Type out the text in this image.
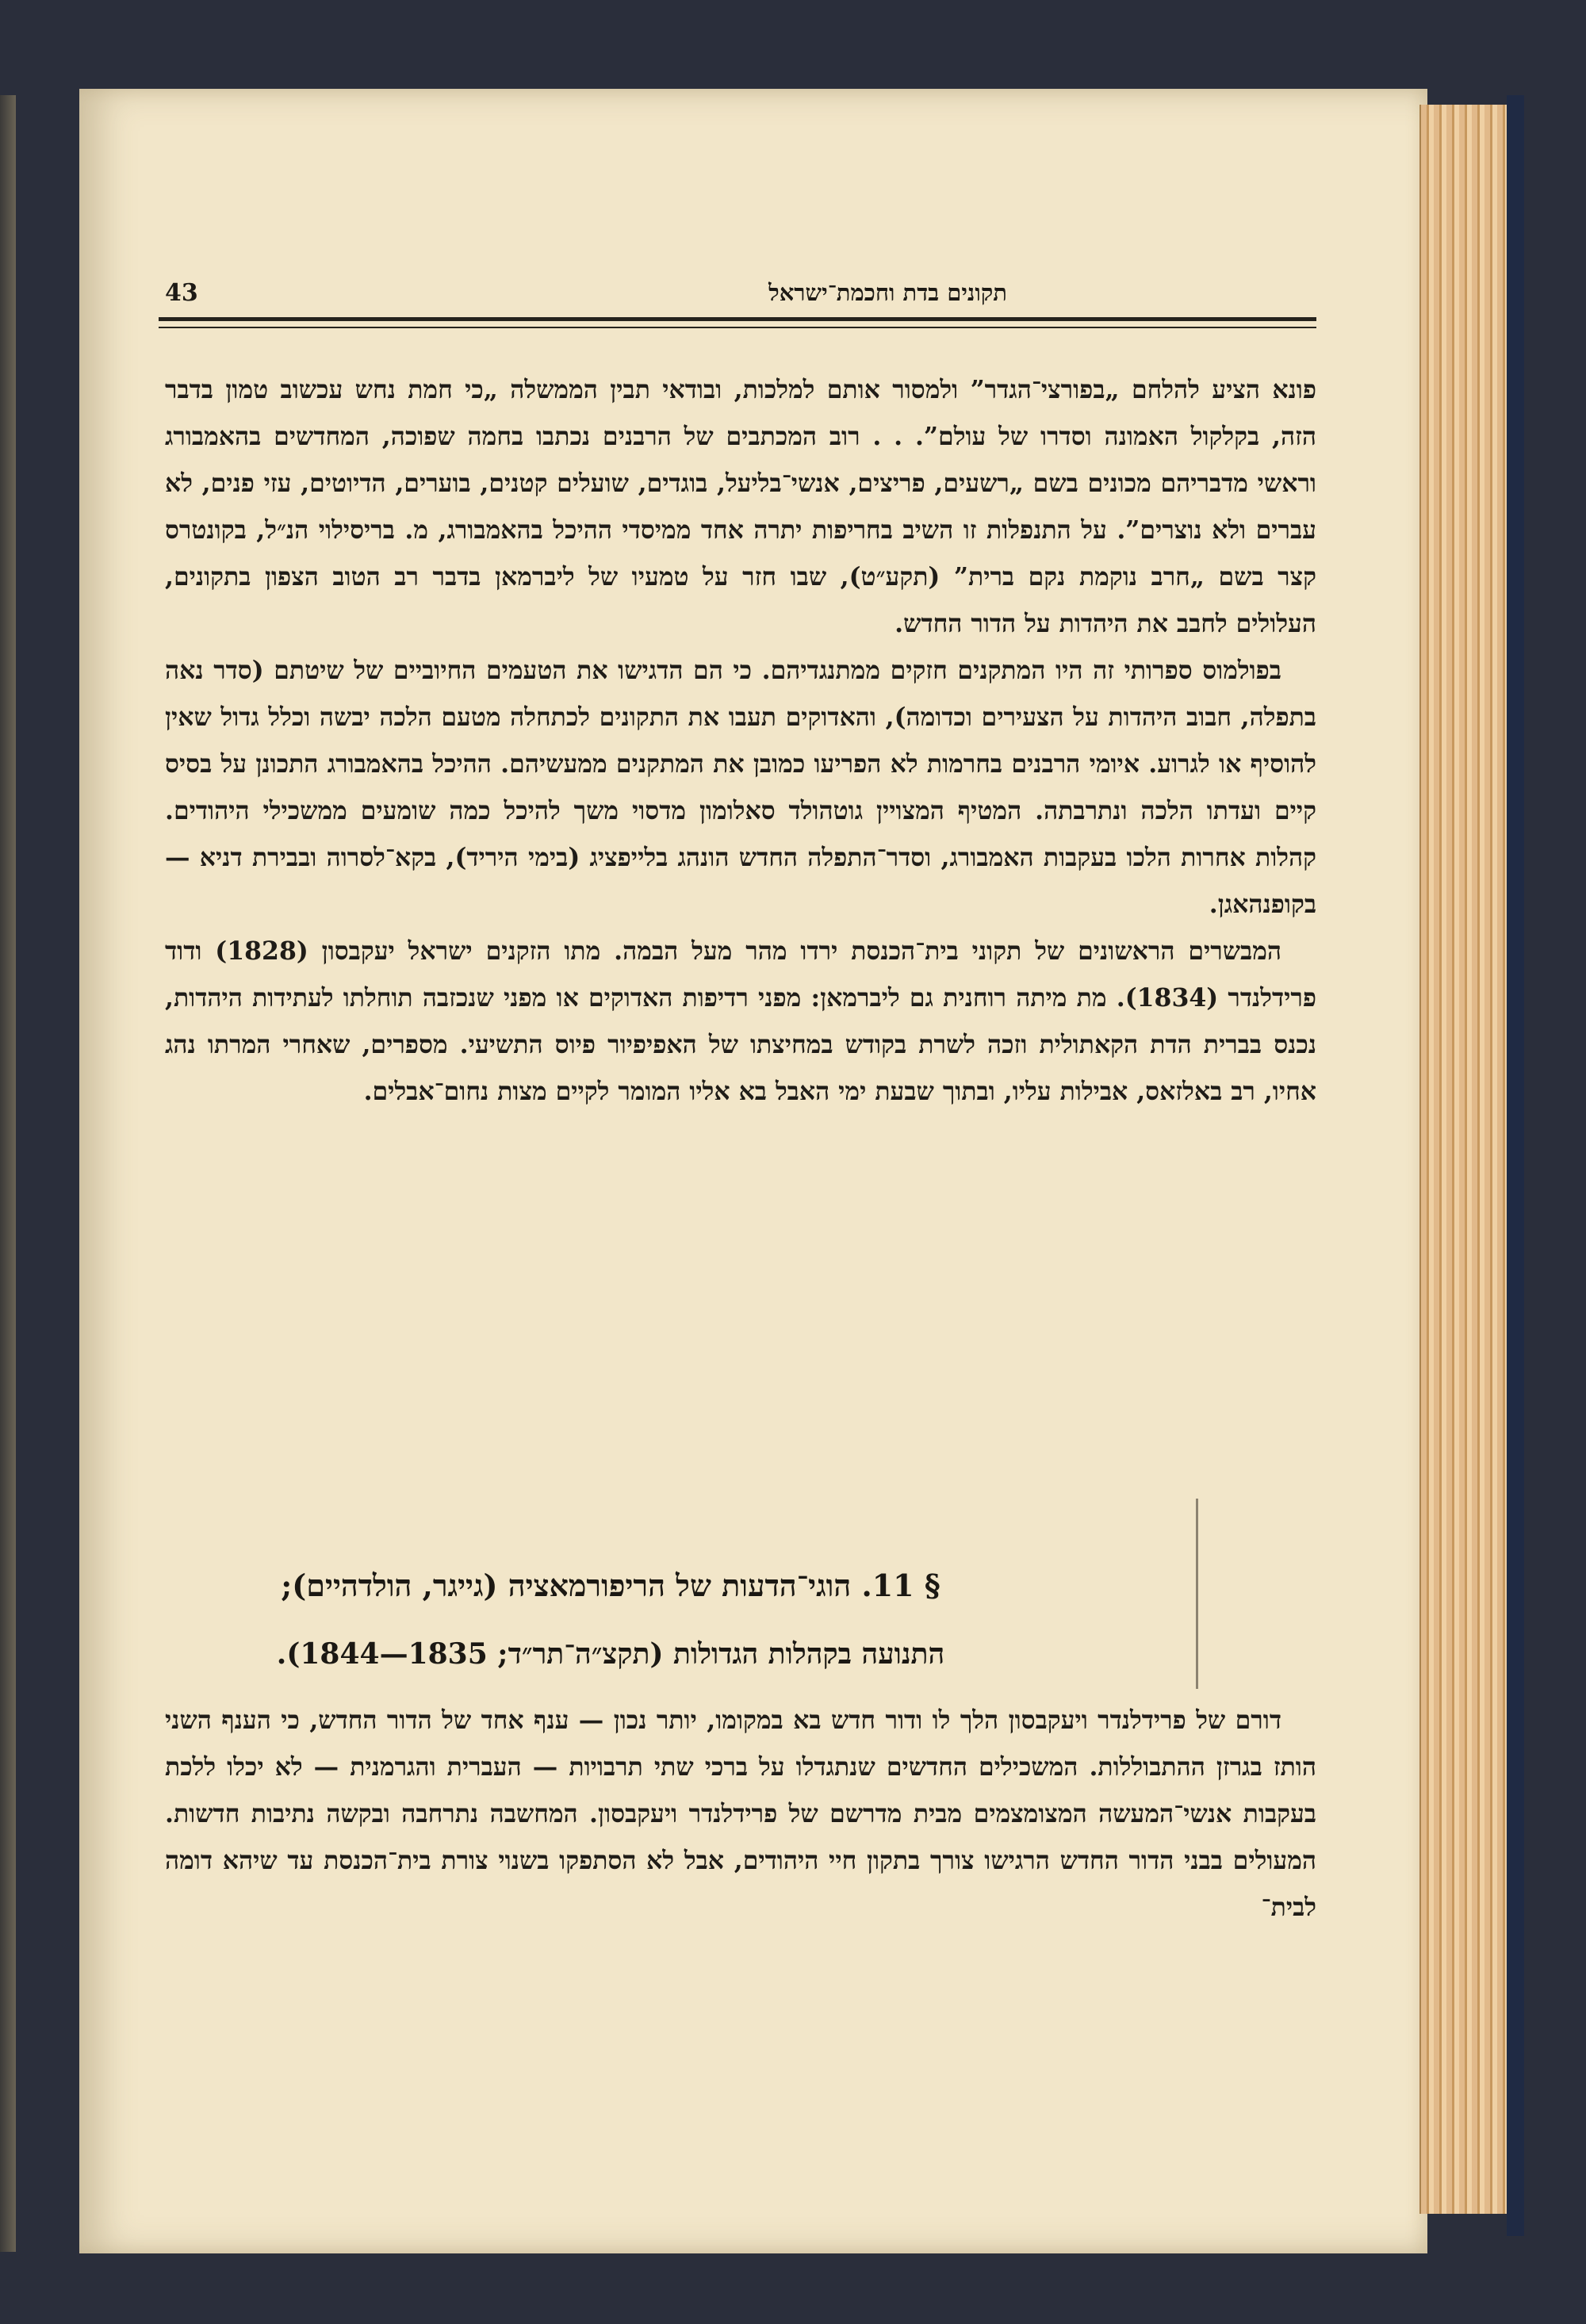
תקונים בדת וחכמת־ישראל
43

פונא הציע להלחם „בפורצי־הגדר” ולמסור אותם למלכות, ובודאי תבין הממשלה „כי חמת נחש עכשוב טמון בדבר הזה, בקלקול האמונה וסדרו של עולם”. . . רוב המכתבים של הרבנים נכתבו בחמה שפוכה, המחדשים בהאמבורג וראשי מדבריהם מכונים בשם „רשעים, פריצים, אנשי־בליעל, בוגדים, שועלים קטנים, בוערים, הדיוטים, עזי פנים, לא עברים ולא נוצרים”. על התנפלות זו השיב בחריפות יתרה אחד ממיסדי ההיכל בהאמבורג, מ. בריסילוי הנ״ל, בקונטרס קצר בשם „חרב נוקמת נקם ברית” (תקע״ט), שבו חזר על טמעיו של ליברמאן בדבר רב הטוב הצפון בתקונים, העלולים לחבב את היהדות על הדור החדש.

בפולמוס ספרותי זה היו המתקנים חזקים ממתנגדיהם. כי הם הדגישו את הטעמים החיוביים של שיטתם (סדר נאה בתפלה, חבוב היהדות על הצעירים וכדומה), והאדוקים תעבו את התקונים לכתחלה מטעם הלכה יבשה וכלל גדול שאין להוסיף או לגרוע. איומי הרבנים בחרמות לא הפריעו כמובן את המתקנים ממעשיהם. ההיכל בהאמבורג התכונן על בסיס קיים ועדתו הלכה ונתרבתה. המטיף המצויין גוטהולד סאלומון מדסוי משך להיכל כמה שומעים ממשכילי היהודים. קהלות אחרות הלכו בעקבות האמבורג, וסדר־התפלה החדש הונהג בלייפציג (בימי היריד), בקא־לסרוה ובבירת דניא — בקופנהאגן.

המבשרים הראשונים של תקוני בית־הכנסת ירדו מהר מעל הבמה. מתו הזקנים ישראל יעקבסון (1828) ודוד פרידלנדר (1834). מת מיתה רוחנית גם ליברמאן: מפני רדיפות האדוקים או מפני שנכזבה תוחלתו לעתידות היהדות, נכנס בברית הדת הקאתולית וזכה לשרת בקודש במחיצתו של האפיפיור פיוס התשיעי. מספרים, שאחרי המרתו נהג אחיו, רב באלזאס, אבילות עליו, ובתוך שבעת ימי האבל בא אליו המומר לקיים מצות נחום־אבלים.

§ 11. הוגי־הדעות של הריפורמאציה (גייגר, הולדהיים);
התנועה בקהלות הגדולות (תקצ״ה־תר״ד; 1835—1844).

דורם של פרידלנדר ויעקבסון הלך לו ודור חדש בא במקומו, יותר נכון — ענף אחד של הדור החדש, כי הענף השני הותז בגרזן ההתבוללות. המשכילים החדשים שנתגדלו על ברכי שתי תרבויות — העברית והגרמנית — לא יכלו ללכת בעקבות אנשי־המעשה המצומצמים מבית מדרשם של פרידלנדר ויעקבסון. המחשבה נתרחבה ובקשה נתיבות חדשות. המעולים בבני הדור החדש הרגישו צורך בתקון חיי היהודים, אבל לא הסתפקו בשנוי צורת בית־הכנסת עד שיהא דומה לבית־
